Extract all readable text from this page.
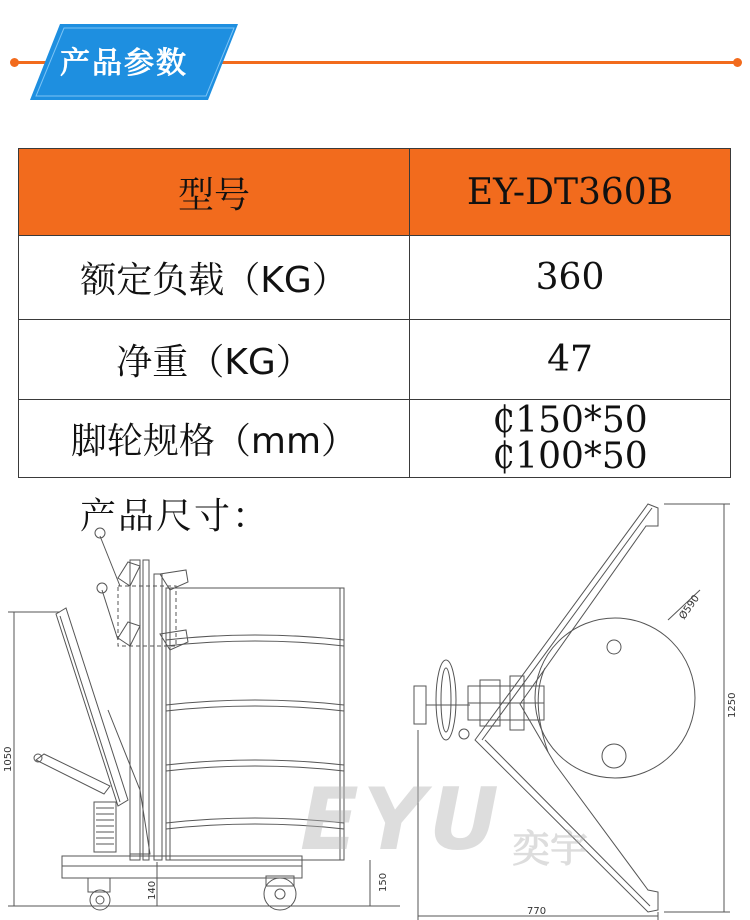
产品参数
型号	EY-DT360B
额定负载（KG）	360

净重（KG）	47

脚轮规格（mm）	₵150*50
₵100*50
产品尺寸：
1050
140	150
Ø590
1250
770
EYU 奕宇
